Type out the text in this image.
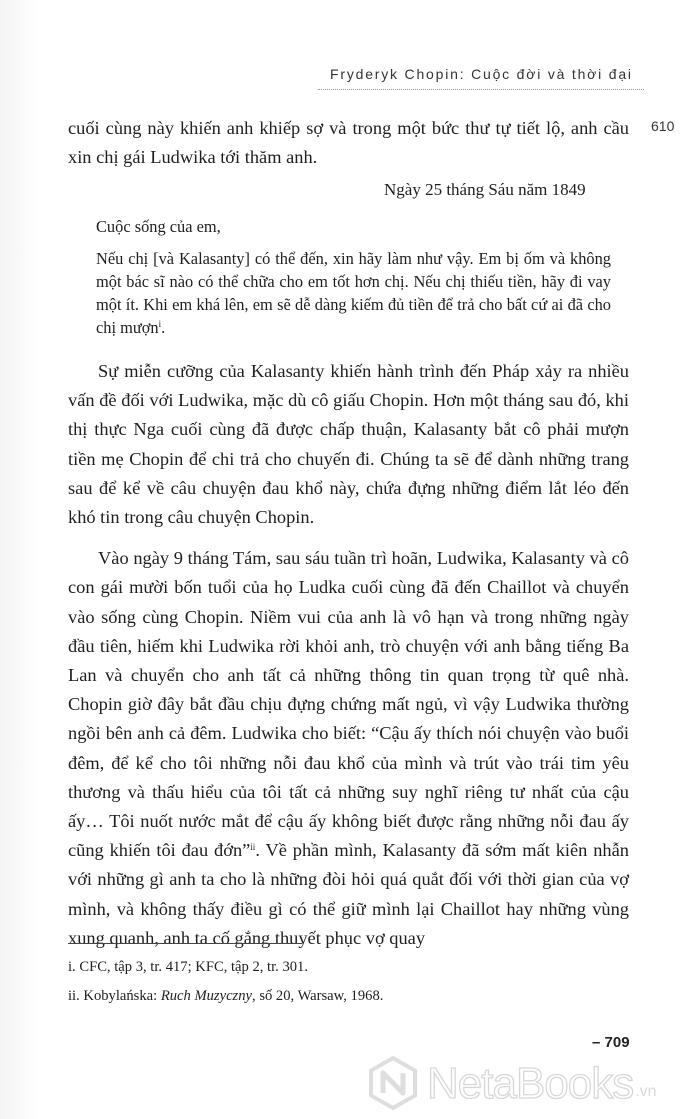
Fryderyk Chopin: Cuộc đời và thời đại
610

cuối cùng này khiến anh khiếp sợ và trong một bức thư tự tiết lộ, anh cầu xin chị gái Ludwika tới thăm anh.

Ngày 25 tháng Sáu năm 1849

Cuộc sống của em,

Nếu chị [và Kalasanty] có thể đến, xin hãy làm như vậy. Em bị ốm và không một bác sĩ nào có thể chữa cho em tốt hơn chị. Nếu chị thiếu tiền, hãy đi vay một ít. Khi em khá lên, em sẽ dễ dàng kiếm đủ tiền để trả cho bất cứ ai đã cho chị mượn$^i$.

Sự miễn cưỡng của Kalasanty khiến hành trình đến Pháp xảy ra nhiều vấn đề đối với Ludwika, mặc dù cô giấu Chopin. Hơn một tháng sau đó, khi thị thực Nga cuối cùng đã được chấp thuận, Kalasanty bắt cô phải mượn tiền mẹ Chopin để chi trả cho chuyến đi. Chúng ta sẽ để dành những trang sau để kể về câu chuyện đau khổ này, chứa đựng những điểm lắt léo đến khó tin trong câu chuyện Chopin.

Vào ngày 9 tháng Tám, sau sáu tuần trì hoãn, Ludwika, Kalasanty và cô con gái mười bốn tuổi của họ Ludka cuối cùng đã đến Chaillot và chuyển vào sống cùng Chopin. Niềm vui của anh là vô hạn và trong những ngày đầu tiên, hiếm khi Ludwika rời khỏi anh, trò chuyện với anh bằng tiếng Ba Lan và chuyển cho anh tất cả những thông tin quan trọng từ quê nhà. Chopin giờ đây bắt đầu chịu đựng chứng mất ngủ, vì vậy Ludwika thường ngồi bên anh cả đêm. Ludwika cho biết: “Cậu ấy thích nói chuyện vào buổi đêm, để kể cho tôi những nỗi đau khổ của mình và trút vào trái tim yêu thương và thấu hiểu của tôi tất cả những suy nghĩ riêng tư nhất của cậu ấy… Tôi nuốt nước mắt để cậu ấy không biết được rằng những nỗi đau ấy cũng khiến tôi đau đớn”$^{ii}$. Về phần mình, Kalasanty đã sớm mất kiên nhẫn với những gì anh ta cho là những đòi hỏi quá quắt đối với thời gian của vợ mình, và không thấy điều gì có thể giữ mình lại Chaillot hay những vùng xung quanh, anh ta cố gắng thuyết phục vợ quay

i. CFC, tập 3, tr. 417; KFC, tập 2, tr. 301.
ii. Kobylańska: Ruch Muzyczny, số 20, Warsaw, 1968.
– 709
NetaBooks .vn
